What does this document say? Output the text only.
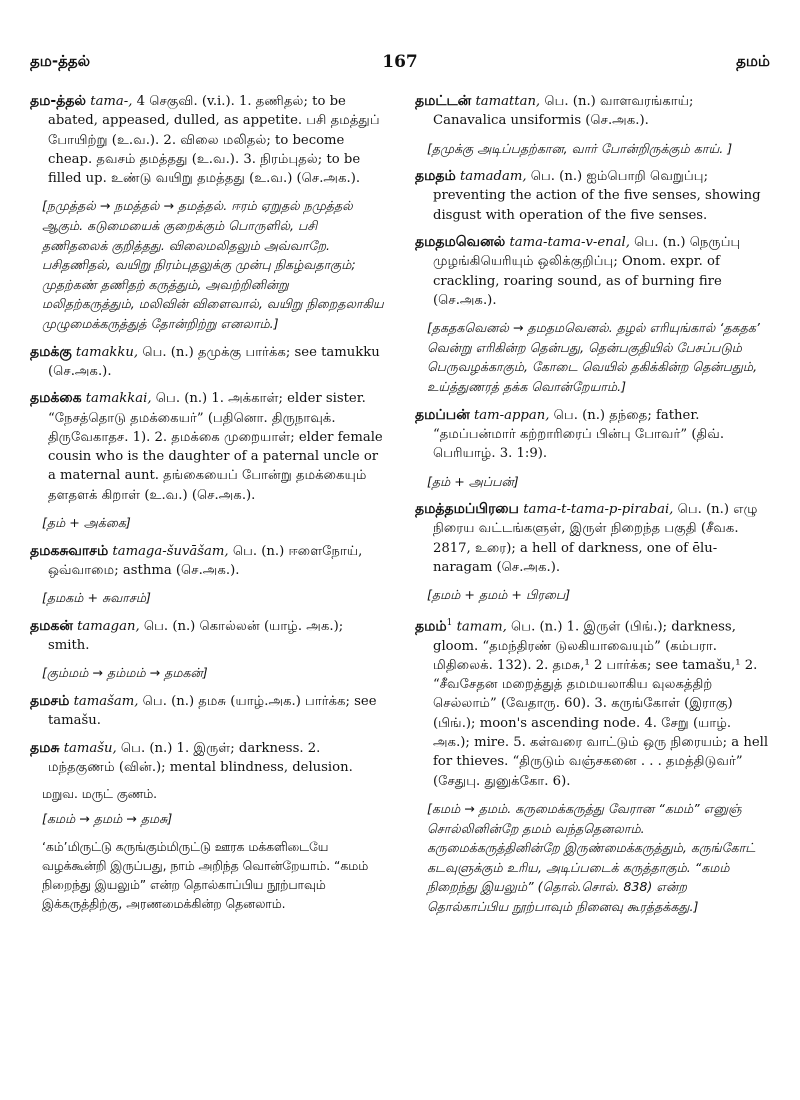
தம-த்தல்	167	தமம்
தம-த்தல் tama-, 4 செகுவி. (v.i.). 1. தணிதல்; to be abated, appeased, dulled, as appetite. பசி தமத்துப் போயிற்று (உ.வ.). 2. விலை மலிதல்; to become cheap. தவசம் தமத்தது (உ.வ.). 3. நிரம்புதல்; to be filled up. உண்டு வயிறு தமத்தது (உ.வ.) (செ.அக.).
[நமுத்தல் → நமத்தல் → தமத்தல். ஈரம் ஏறுதல் நமுத்தல் ஆகும். கடுமையைக் குறைக்கும் பொருளில், பசி தணிதலைக் குறித்தது. விலைமலிதலும் அவ்வாறே. பசிதணிதல், வயிறு நிரம்புதலுக்கு முன்பு நிகழ்வதாகும்; முதற்கண் தணிதற் கருத்தும், அவற்றினின்று மலிதற்கருத்தும், மலிவின் விளைவால், வயிறு நிறைதலாகிய முழுமைக்கருத்துத் தோன்றிற்று எனலாம்.]
தமக்கு tamakku, பெ. (n.) தமுக்கு பார்க்க; see tamukku (செ.அக.).
தமக்கை tamakkai, பெ. (n.) 1. அக்காள்; elder sister. “நேசத்தொடு தமக்கையர்” (பதினொ. திருநாவுக். திருவேகாதச. 1). 2. தமக்கை முறையாள்; elder female cousin who is the daughter of a paternal uncle or a maternal aunt. தங்கையைப் போன்று தமக்கையும் தளதளக் கிறாள் (உ.வ.) (செ.அக.).
[தம் + அக்கை]
தமகசுவாசம் tamaga-šuvāšam, பெ. (n.) ஈளைநோய், ஒவ்வாமை; asthma (செ.அக.).
[தமகம் + சுவாசம்]
தமகன் tamagan, பெ. (n.) கொல்லன் (யாழ். அக.); smith.
[கும்மம் → தம்மம் → தமகன்]
தமசம் tamašam, பெ. (n.) தமசு (யாழ்.அக.) பார்க்க; see tamašu.
தமசு tamašu, பெ. (n.) 1. இருள்; darkness. 2. மந்தகுணம் (வின்.); mental blindness, delusion.
மறுவ. மருட் குணம்.
[கமம் → தமம் → தமசு]
‘கம்’மிருட்டு கருங்கும்மிருட்டு ஊரக மக்களிடையே வழக்கூன்றி இருப்பது, நாம் அறிந்த வொன்றேயாம். “கமம் நிறைந்து இயலும்” என்ற தொல்காப்பிய நூற்பாவும் இக்கருத்திற்கு, அரணமைக்கின்ற தெனலாம்.
தமட்டன் tamattan, பெ. (n.) வாளவரங்காய்; Canavalica unsiformis (செ.அக.).
[தமுக்கு அடிப்பதற்கான, வார் போன்றிருக்கும் காய். ]
தமதம் tamadam, பெ. (n.) ஐம்பொறி வெறுப்பு; preventing the action of the five senses, showing disgust with operation of the five senses.
தமதமவெனல் tama-tama-v-enal, பெ. (n.) நெருப்பு முழங்கியெரியும் ஒலிக்குறிப்பு; Onom. expr. of crackling, roaring sound, as of burning fire (செ.அக.).
[தகதகவெனல் → தமதமவெனல். தழல் எரியுங்கால் ‘தகதக’ வென்று எரிகின்ற தென்பது, தென்பகுதியில் பேசப்படும் பெருவழக்காகும், கோடை வெயில் தகிக்கின்ற தென்பதும், உய்த்துணரத் தக்க வொன்றேயாம்.]
தமப்பன் tam-appan, பெ. (n.) தந்தை; father. “தமப்பன்மார் கற்றாரிரைப் பின்பு போவர்” (திவ். பெரியாழ். 3. 1:9).
[தம் + அப்பன்]
தமத்தமப்பிரபை tama-t-tama-p-pirabai, பெ. (n.) எழு நிரைய வட்டங்களுள், இருள் நிறைந்த பகுதி (சீவக. 2817, உரை); a hell of darkness, one of ēlu-naragam (செ.அக.).
[தமம் + தமம் + பிரபை]
தமம்$^1$ tamam, பெ. (n.) 1. இருள் (பிங்.); darkness, gloom. “தமந்திரண் டுலகியாவையும்” (கம்பரா. மிதிலைக். 132). 2. தமசு,¹ 2 பார்க்க; see tamašu,¹ 2. “சீவசேதன மறைத்துத் தமமயலாகிய வுலகத்திற் செல்லாம்” (வேதாரு. 60). 3. கருங்கோள் (இராகு) (பிங்.); moon's ascending node. 4. சேறு (யாழ். அக.); mire. 5. கள்வரை வாட்டும் ஒரு நிரையம்; a hell for thieves. “திருடும் வஞ்சகனை . . . தமத்திடுவர்” (சேதுபு. துனுக்கோ. 6).
[கமம் → தமம். கருமைக்கருத்து வேரான “கமம்” எனுஞ் சொல்லினின்றே தமம் வந்ததெனலாம். கருமைக்கருத்தினின்றே இருண்மைக்கருத்தும், கருங்கோட் கடவுளுக்கும் உரிய, அடிப்படைக் கருத்தாகும். “கமம் நிறைந்து இயலும்” (தொல்.சொல். 838) என்ற தொல்காப்பிய நூற்பாவும் நினைவு கூரத்தக்கது.]
